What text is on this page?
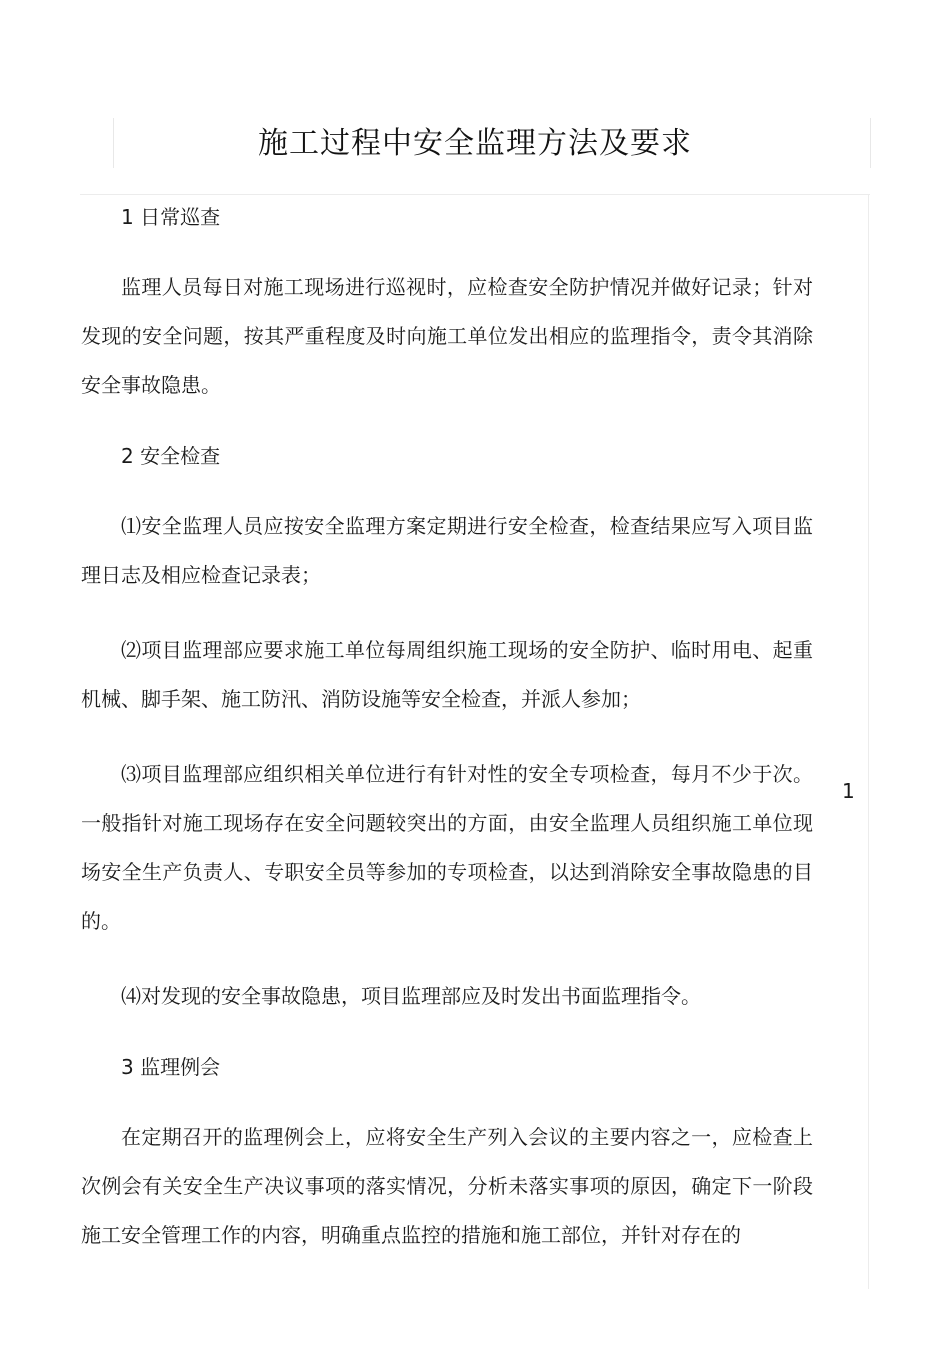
施工过程中安全监理方法及要求

1 日常巡查

监理人员每日对施工现场进行巡视时，应检查安全防护情况并做好记录；针对发现的安全问题，按其严重程度及时向施工单位发出相应的监理指令，责令其消除安全事故隐患。

2 安全检查

⑴安全监理人员应按安全监理方案定期进行安全检查，检查结果应写入项目监理日志及相应检查记录表；

⑵项目监理部应要求施工单位每周组织施工现场的安全防护、临时用电、起重机械、脚手架、施工防汛、消防设施等安全检查，并派人参加；

⑶项目监理部应组织相关单位进行有针对性的安全专项检查，每月不少于次。一般指针对施工现场存在安全问题较突出的方面，由安全监理人员组织施工单位现场安全生产负责人、专职安全员等参加的专项检查，以达到消除安全事故隐患的目的。

⑷对发现的安全事故隐患，项目监理部应及时发出书面监理指令。

3 监理例会

在定期召开的监理例会上，应将安全生产列入会议的主要内容之一，应检查上次例会有关安全生产决议事项的落实情况，分析未落实事项的原因，确定下一阶段施工安全管理工作的内容，明确重点监控的措施和施工部位，并针对存在的

1
